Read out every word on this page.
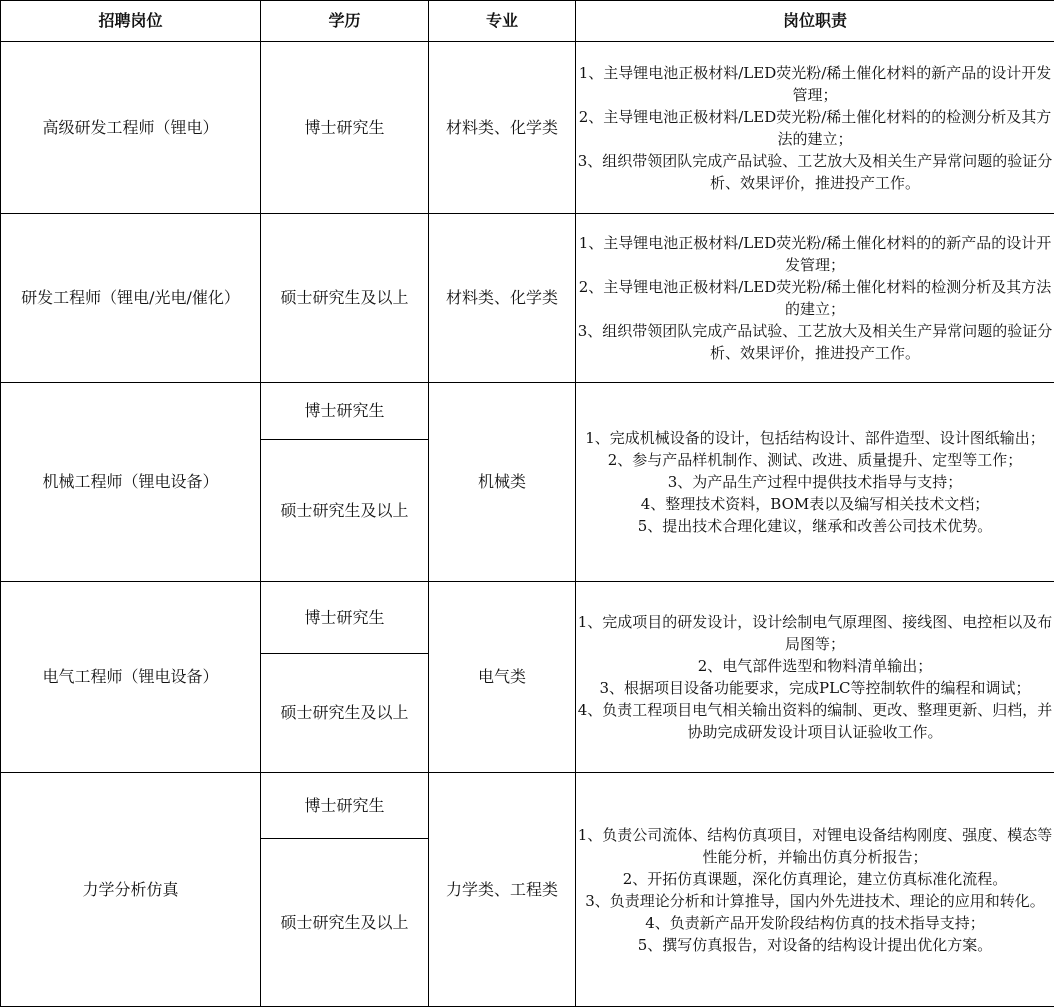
招聘岗位	学历	专业	岗位职责
高级研发工程师（锂电）	博士研究生	材料类、化学类	1、主导锂电池正极材料/LED荧光粉/稀土催化材料的新产品的设计开发管理；
2、主导锂电池正极材料/LED荧光粉/稀土催化材料的的检测分析及其方法的建立；
3、组织带领团队完成产品试验、工艺放大及相关生产异常问题的验证分析、效果评价，推进投产工作。

研发工程师（锂电/光电/催化）	硕士研究生及以上	材料类、化学类	1、主导锂电池正极材料/LED荧光粉/稀土催化材料的的新产品的设计开发管理；
2、主导锂电池正极材料/LED荧光粉/稀土催化材料的检测分析及其方法的建立；
3、组织带领团队完成产品试验、工艺放大及相关生产异常问题的验证分析、效果评价，推进投产工作。

机械工程师（锂电设备）	博士研究生	机械类	1、完成机械设备的设计，包括结构设计、部件造型、设计图纸输出；
2、参与产品样机制作、测试、改进、质量提升、定型等工作；
3、为产品生产过程中提供技术指导与支持；
4、整理技术资料，BOM表以及编写相关技术文档；
5、提出技术合理化建议，继承和改善公司技术优势。

	硕士研究生及以上		
电气工程师（锂电设备）	博士研究生	电气类	1、完成项目的研发设计，设计绘制电气原理图、接线图、电控柜以及布局图等；
2、电气部件选型和物料清单输出；
3、根据项目设备功能要求，完成PLC等控制软件的编程和调试；
4、负责工程项目电气相关输出资料的编制、更改、整理更新、归档，并协助完成研发设计项目认证验收工作。

	硕士研究生及以上		
力学分析仿真	博士研究生	力学类、工程类	1、负责公司流体、结构仿真项目，对锂电设备结构刚度、强度、模态等性能分析，并输出仿真分析报告；
2、开拓仿真课题，深化仿真理论，建立仿真标准化流程。
3、负责理论分析和计算推导，国内外先进技术、理论的应用和转化。
4、负责新产品开发阶段结构仿真的技术指导支持；
5、撰写仿真报告，对设备的结构设计提出优化方案。

	硕士研究生及以上		
